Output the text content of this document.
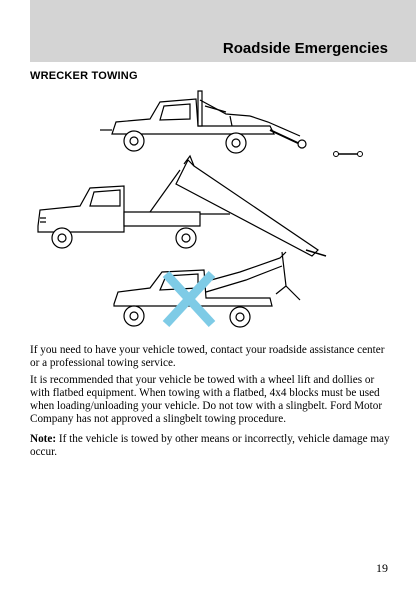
Roadside Emergencies
WRECKER TOWING

If you need to have your vehicle towed, contact your roadside assistance center or a professional towing service.

It is recommended that your vehicle be towed with a wheel lift and dollies or with flatbed equipment. When towing with a flatbed, 4x4 blocks must be used when loading/unloading your vehicle. Do not tow with a slingbelt. Ford Motor Company has not approved a slingbelt towing procedure.

Note: If the vehicle is towed by other means or incorrectly, vehicle damage may occur.

19
